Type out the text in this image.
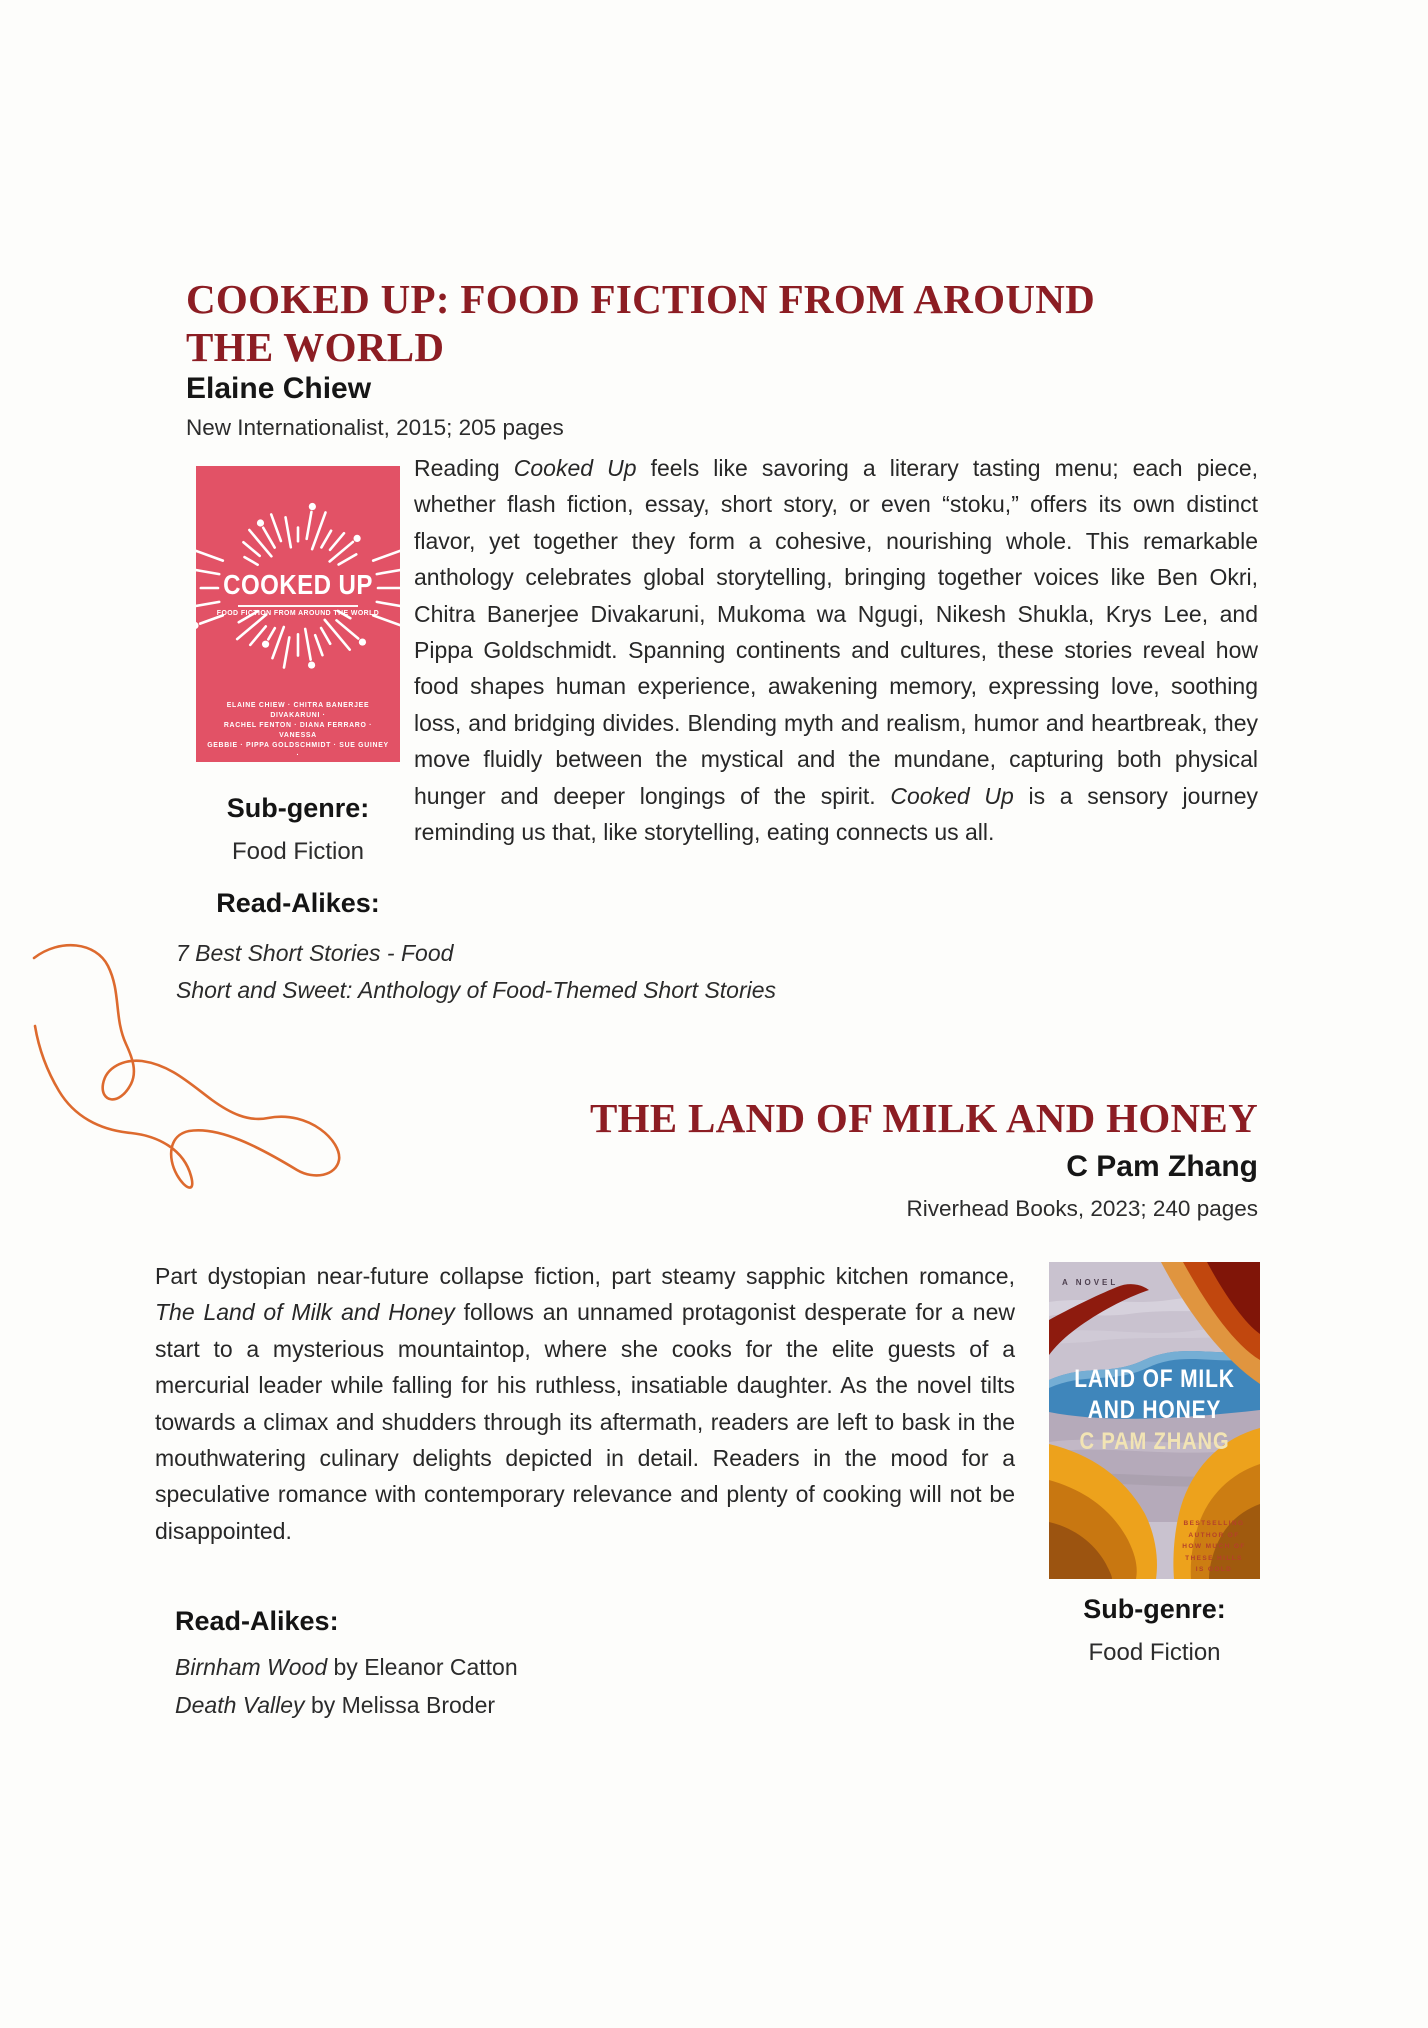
COOKED UP: FOOD FICTION FROM AROUND THE WORLD
Elaine Chiew
New Internationalist, 2015; 205 pages
COOKED UP
FOOD FICTION FROM AROUND THE WORLD
ELAINE CHIEW · CHITRA BANERJEE DIVAKARUNI ·
RACHEL FENTON · DIANA FERRARO · VANESSA
GEBBIE · PIPPA GOLDSCHMIDT · SUE GUINEY ·
Reading Cooked Up feels like savoring a literary tasting menu; each piece, whether flash fiction, essay, short story, or even “stoku,” offers its own distinct flavor, yet together they form a cohesive, nourishing whole. This remarkable anthology celebrates global storytelling, bringing together voices like Ben Okri, Chitra Banerjee Divakaruni, Mukoma wa Ngugi, Nikesh Shukla, Krys Lee, and Pippa Goldschmidt. Spanning continents and cultures, these stories reveal how food shapes human experience, awakening memory, expressing love, soothing loss, and bridging divides. Blending myth and realism, humor and heartbreak, they move fluidly between the mystical and the mundane, capturing both physical hunger and deeper longings of the spirit. Cooked Up is a sensory journey reminding us that, like storytelling, eating connects us all.
Sub-genre:
Food Fiction
Read-Alikes:
7 Best Short Stories - Food
Short and Sweet: Anthology of Food-Themed Short Stories
THE LAND OF MILK AND HONEY
C Pam Zhang
Riverhead Books, 2023; 240 pages
Part dystopian near-future collapse fiction, part steamy sapphic kitchen romance, The Land of Milk and Honey follows an unnamed protagonist desperate for a new start to a mysterious mountaintop, where she cooks for the elite guests of a mercurial leader while falling for his ruthless, insatiable daughter. As the novel tilts towards a climax and shudders through its aftermath, readers are left to bask in the mouthwatering culinary delights depicted in detail. Readers in the mood for a speculative romance with contemporary relevance and plenty of cooking will not be disappointed.
A NOVEL
LAND OF MILK
AND HONEY
C PAM ZHANG
BESTSELLING
AUTHOR OF
HOW MUCH OF
THESE HILLS
IS GOLD
Sub-genre:
Food Fiction
Read-Alikes:
Birnham Wood by Eleanor Catton
Death Valley by Melissa Broder
